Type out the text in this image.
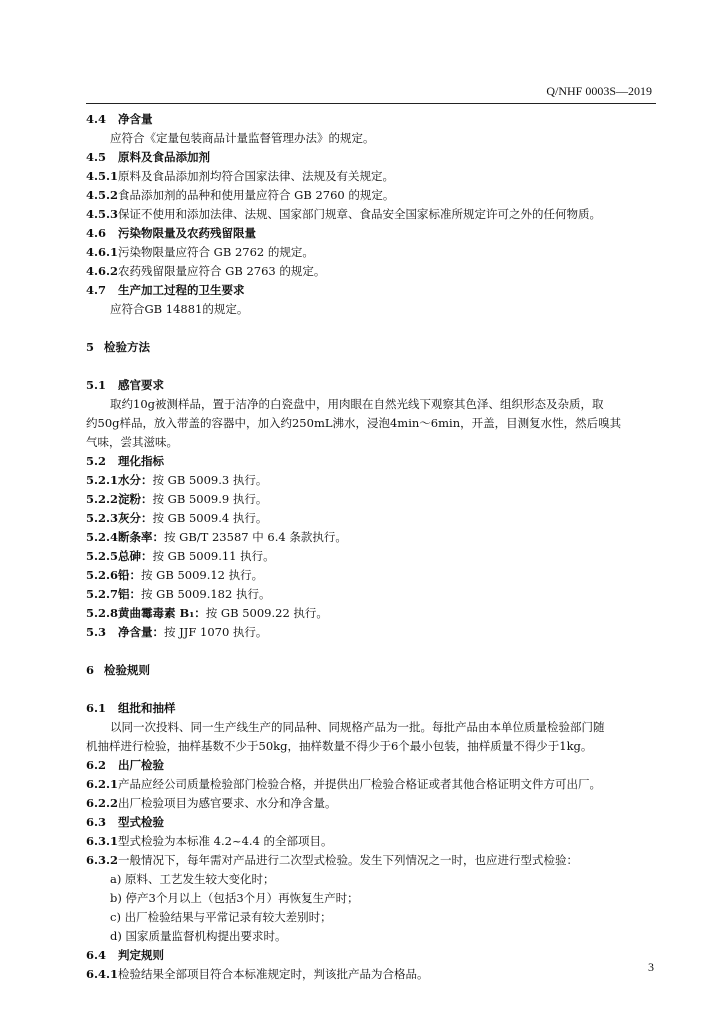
Q/NHF 0003S—2019
4.4 净含量
应符合《定量包装商品计量监督管理办法》的规定。
4.5 原料及食品添加剂
4.5.1原料及食品添加剂均符合国家法律、法规及有关规定。
4.5.2食品添加剂的品种和使用量应符合 GB 2760 的规定。
4.5.3保证不使用和添加法律、法规、国家部门规章、食品安全国家标准所规定许可之外的任何物质。
4.6 污染物限量及农药残留限量
4.6.1污染物限量应符合 GB 2762 的规定。
4.6.2农药残留限量应符合 GB 2763 的规定。
4.7 生产加工过程的卫生要求
应符合GB 14881的规定。
5 检验方法
5.1 感官要求
取约10g被测样品，置于洁净的白瓷盘中，用肉眼在自然光线下观察其色泽、组织形态及杂质，取
约50g样品，放入带盖的容器中，加入约250mL沸水，浸泡4min～6min，开盖，目测复水性，然后嗅其
气味，尝其滋味。
5.2 理化指标
5.2.1水分：按 GB 5009.3 执行。
5.2.2淀粉：按 GB 5009.9 执行。
5.2.3灰分：按 GB 5009.4 执行。
5.2.4断条率：按 GB/T 23587 中 6.4 条款执行。
5.2.5总砷：按 GB 5009.11 执行。
5.2.6铅：按 GB 5009.12 执行。
5.2.7铝：按 GB 5009.182 执行。
5.2.8黄曲霉毒素 B₁：按 GB 5009.22 执行。
5.3 净含量：按 JJF 1070 执行。
6 检验规则
6.1 组批和抽样
以同一次投料、同一生产线生产的同品种、同规格产品为一批。每批产品由本单位质量检验部门随
机抽样进行检验，抽样基数不少于50kg，抽样数量不得少于6个最小包装，抽样质量不得少于1kg。
6.2 出厂检验
6.2.1产品应经公司质量检验部门检验合格，并提供出厂检验合格证或者其他合格证明文件方可出厂。
6.2.2出厂检验项目为感官要求、水分和净含量。
6.3 型式检验
6.3.1型式检验为本标准 4.2~4.4 的全部项目。
6.3.2一般情况下，每年需对产品进行二次型式检验。发生下列情况之一时，也应进行型式检验：
a) 原料、工艺发生较大变化时；
b) 停产3个月以上（包括3个月）再恢复生产时；
c) 出厂检验结果与平常记录有较大差别时；
d) 国家质量监督机构提出要求时。
6.4 判定规则
6.4.1检验结果全部项目符合本标准规定时，判该批产品为合格品。	3
